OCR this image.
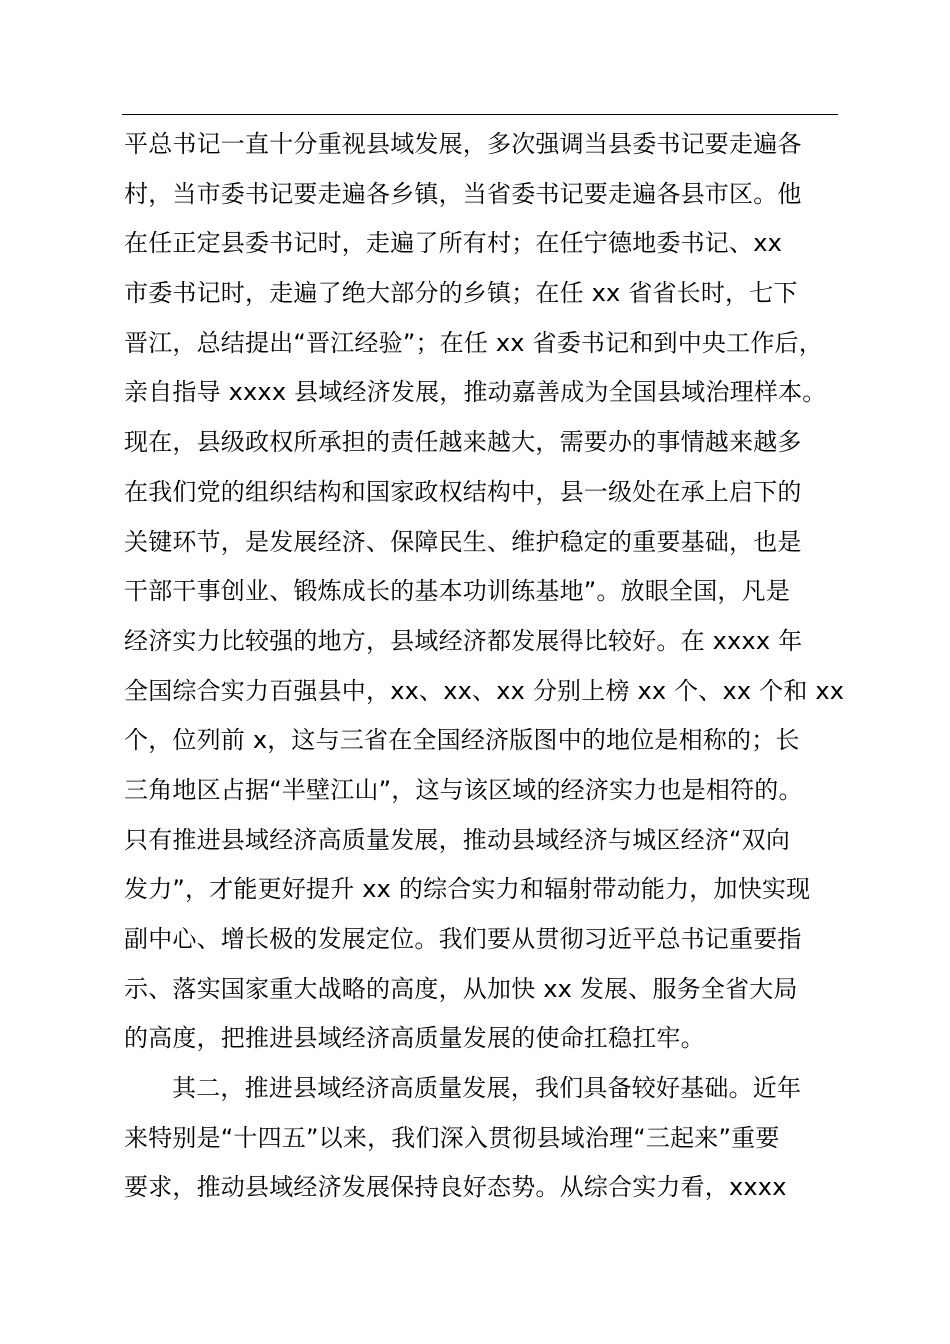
平总书记一直十分重视县域发展，多次强调当县委书记要走遍各
村，当市委书记要走遍各乡镇，当省委书记要走遍各县市区。他
在任正定县委书记时，走遍了所有村；在任宁德地委书记、xx
市委书记时，走遍了绝大部分的乡镇；在任 xx 省省长时，七下
晋江，总结提出“晋江经验”；在任 xx 省委书记和到中央工作后，
亲自指导 xxxx 县域经济发展，推动嘉善成为全国县域治理样本。
现在，县级政权所承担的责任越来越大，需要办的事情越来越多
在我们党的组织结构和国家政权结构中，县一级处在承上启下的
关键环节，是发展经济、保障民生、维护稳定的重要基础，也是
干部干事创业、锻炼成长的基本功训练基地”。放眼全国，凡是
经济实力比较强的地方，县域经济都发展得比较好。在 xxxx 年
全国综合实力百强县中，xx、xx、xx 分别上榜 xx 个、xx 个和 xx
个，位列前 x，这与三省在全国经济版图中的地位是相称的；长
三角地区占据“半壁江山”，这与该区域的经济实力也是相符的。
只有推进县域经济高质量发展，推动县域经济与城区经济“双向
发力”，才能更好提升 xx 的综合实力和辐射带动能力，加快实现
副中心、增长极的发展定位。我们要从贯彻习近平总书记重要指
示、落实国家重大战略的高度，从加快 xx 发展、服务全省大局
的高度，把推进县域经济高质量发展的使命扛稳扛牢。
其二，推进县域经济高质量发展，我们具备较好基础。近年
来特别是“十四五”以来，我们深入贯彻县域治理“三起来”重要
要求，推动县域经济发展保持良好态势。从综合实力看，xxxx
